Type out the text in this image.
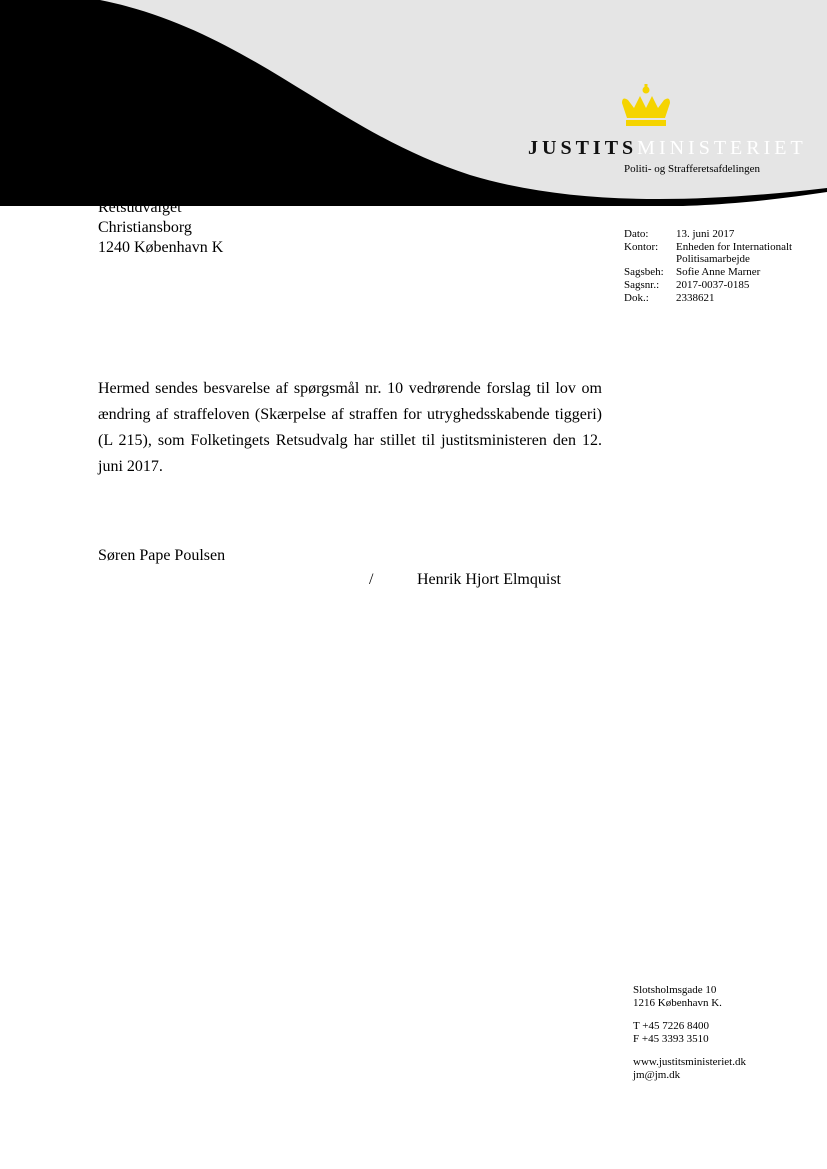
JUSTITSMINISTERIET
Politi- og Strafferetsafdelingen
Retsudvalget
Christiansborg
1240 København K
Dato:	13. juni 2017
Kontor:	Enheden for Internationalt
Politisamarbejde

Sagsbeh:	Sofie Anne Marner
Sagsnr.:	2017-0037-0185
Dok.:	2338621
Hermed sendes besvarelse af spørgsmål nr. 10 vedrørende forslag til lov om ændring af straffeloven (Skærpelse af straffen for utryghedsskabende tiggeri) (L 215), som Folketingets Retsudvalg har stillet til justitsministeren den 12. juni 2017.
Søren Pape Poulsen
/	Henrik Hjort Elmquist
Slotsholmsgade 10
1216 København K.
T +45 7226 8400
F +45 3393 3510
www.justitsministeriet.dk
jm@jm.dk
